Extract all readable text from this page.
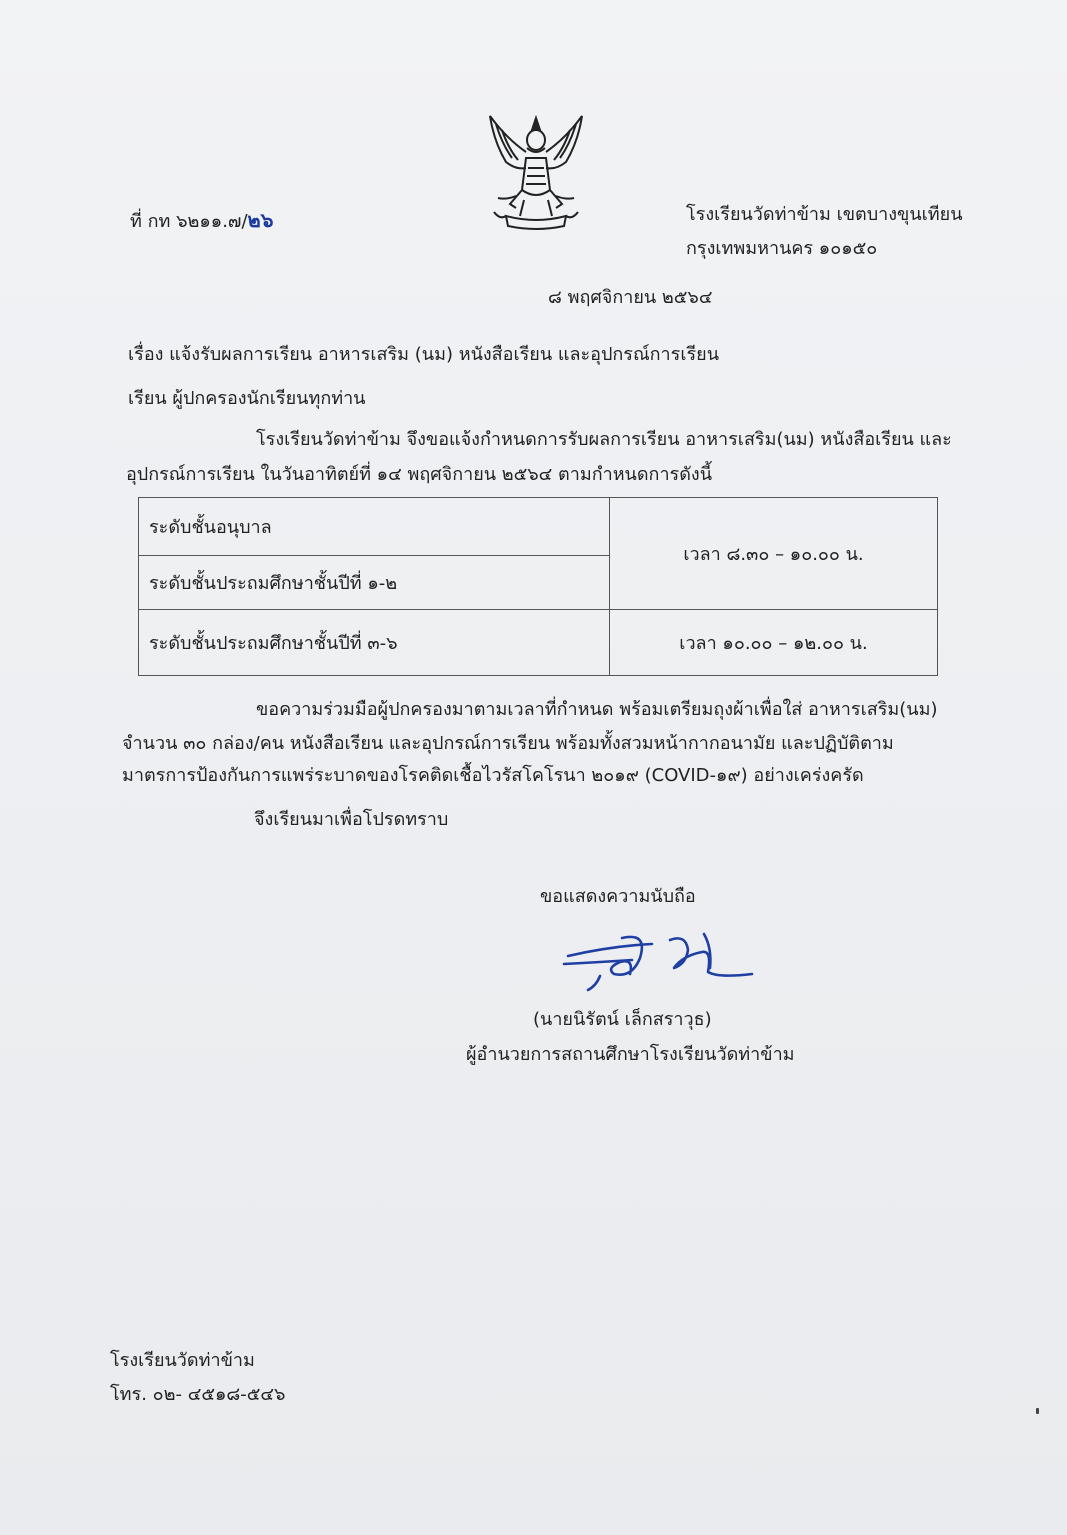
ที่ กท ๖๒๑๑.๗/๒๖	โรงเรียนวัดท่าข้าม เขตบางขุนเทียน
กรุงเทพมหานคร ๑๐๑๕๐
๘ พฤศจิกายน ๒๕๖๔
เรื่อง แจ้งรับผลการเรียน อาหารเสริม (นม) หนังสือเรียน และอุปกรณ์การเรียน
เรียน ผู้ปกครองนักเรียนทุกท่าน
โรงเรียนวัดท่าข้าม จึงขอแจ้งกำหนดการรับผลการเรียน อาหารเสริม(นม) หนังสือเรียน และ
อุปกรณ์การเรียน ในวันอาทิตย์ที่ ๑๔ พฤศจิกายน ๒๕๖๔ ตามกำหนดการดังนี้
ระดับชั้นอนุบาล	เวลา ๘.๓๐ – ๑๐.๐๐ น.
ระดับชั้นประถมศึกษาชั้นปีที่ ๑-๒	
ระดับชั้นประถมศึกษาชั้นปีที่ ๓-๖	เวลา ๑๐.๐๐ – ๑๒.๐๐ น.
ขอความร่วมมือผู้ปกครองมาตามเวลาที่กำหนด พร้อมเตรียมถุงผ้าเพื่อใส่ อาหารเสริม(นม)
จำนวน ๓๐ กล่อง/คน หนังสือเรียน และอุปกรณ์การเรียน พร้อมทั้งสวมหน้ากากอนามัย และปฏิบัติตาม
มาตรการป้องกันการแพร่ระบาดของโรคติดเชื้อไวรัสโคโรนา ๒๐๑๙ (COVID-๑๙) อย่างเคร่งครัด
จึงเรียนมาเพื่อโปรดทราบ
ขอแสดงความนับถือ
(นายนิรัตน์ เล็กสราวุธ)
ผู้อำนวยการสถานศึกษาโรงเรียนวัดท่าข้าม
โรงเรียนวัดท่าข้าม
โทร. ๐๒- ๔๕๑๘-๕๔๖
